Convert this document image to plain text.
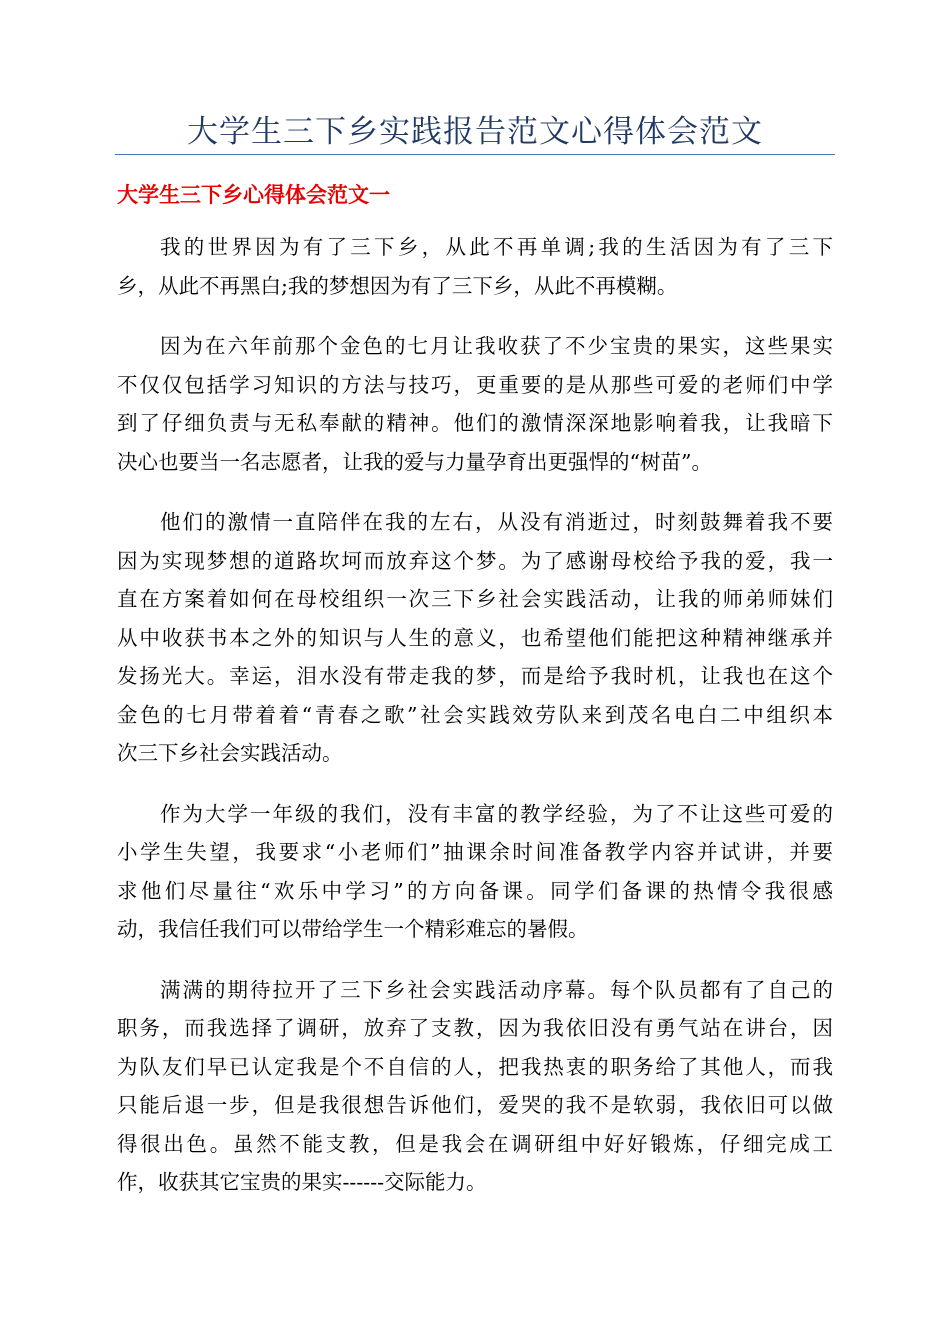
大学生三下乡实践报告范文心得体会范文
大学生三下乡心得体会范文一
我的世界因为有了三下乡，从此不再单调;我的生活因为有了三下
乡，从此不再黑白;我的梦想因为有了三下乡，从此不再模糊。
因为在六年前那个金色的七月让我收获了不少宝贵的果实，这些果实
不仅仅包括学习知识的方法与技巧，更重要的是从那些可爱的老师们中学
到了仔细负责与无私奉献的精神。他们的激情深深地影响着我，让我暗下
决心也要当一名志愿者，让我的爱与力量孕育出更强悍的“树苗”。
他们的激情一直陪伴在我的左右，从没有消逝过，时刻鼓舞着我不要
因为实现梦想的道路坎坷而放弃这个梦。为了感谢母校给予我的爱，我一
直在方案着如何在母校组织一次三下乡社会实践活动，让我的师弟师妹们
从中收获书本之外的知识与人生的意义，也希望他们能把这种精神继承并
发扬光大。幸运，泪水没有带走我的梦，而是给予我时机，让我也在这个
金色的七月带着着“青春之歌”社会实践效劳队来到茂名电白二中组织本
次三下乡社会实践活动。
作为大学一年级的我们，没有丰富的教学经验，为了不让这些可爱的
小学生失望，我要求“小老师们”抽课余时间准备教学内容并试讲，并要
求他们尽量往“欢乐中学习”的方向备课。同学们备课的热情令我很感
动，我信任我们可以带给学生一个精彩难忘的暑假。
满满的期待拉开了三下乡社会实践活动序幕。每个队员都有了自己的
职务，而我选择了调研，放弃了支教，因为我依旧没有勇气站在讲台，因
为队友们早已认定我是个不自信的人，把我热衷的职务给了其他人，而我
只能后退一步，但是我很想告诉他们，爱哭的我不是软弱，我依旧可以做
得很出色。虽然不能支教，但是我会在调研组中好好锻炼，仔细完成工
作，收获其它宝贵的果实------交际能力。
